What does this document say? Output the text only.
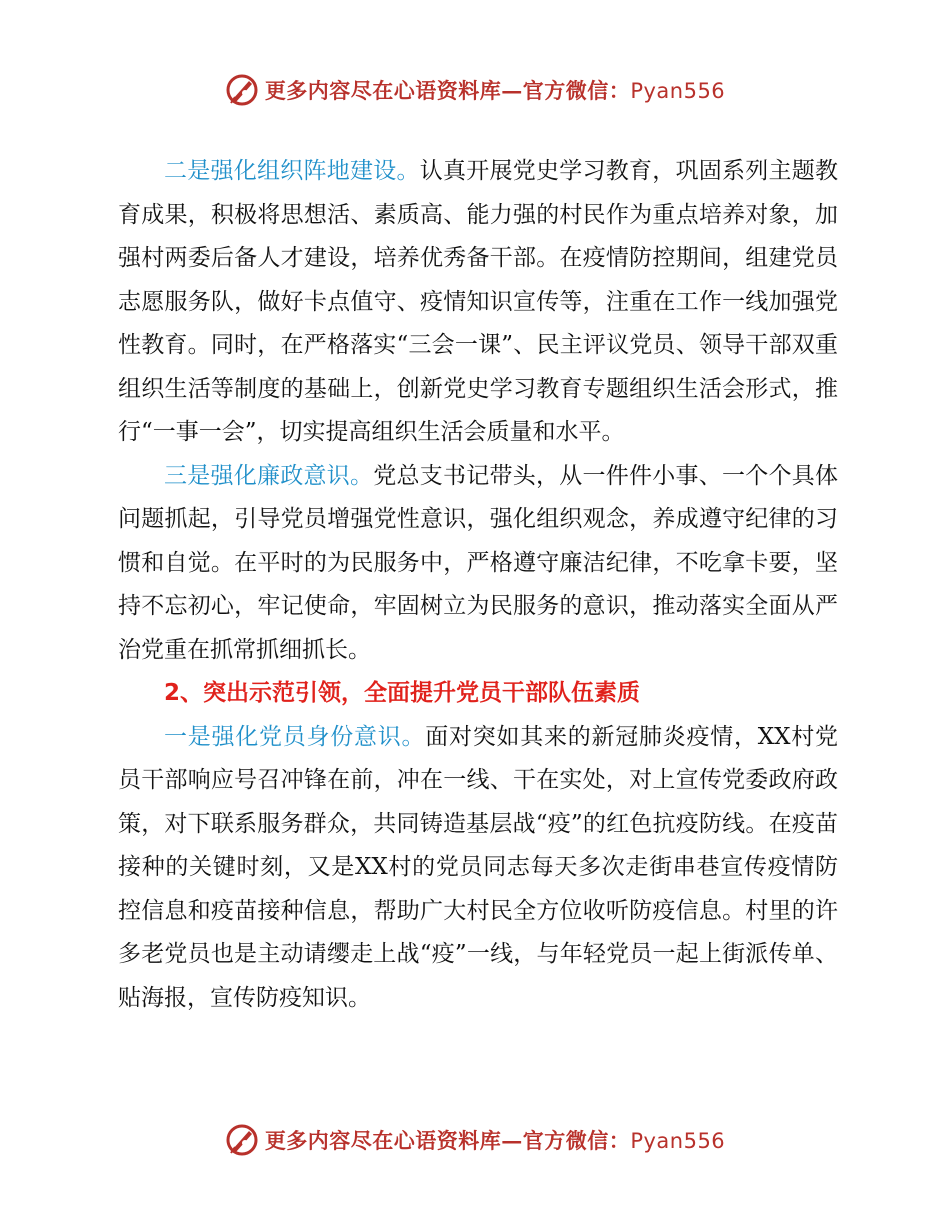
更多内容尽在心语资料库—官方微信：Pyan556

二是强化组织阵地建设。认真开展党史学习教育，巩固系列主题教育成果，积极将思想活、素质高、能力强的村民作为重点培养对象，加强村两委后备人才建设，培养优秀备干部。在疫情防控期间，组建党员志愿服务队，做好卡点值守、疫情知识宣传等，注重在工作一线加强党性教育。同时，在严格落实“三会一课”、民主评议党员、领导干部双重组织生活等制度的基础上，创新党史学习教育专题组织生活会形式，推行“一事一会”，切实提高组织生活会质量和水平。

三是强化廉政意识。党总支书记带头，从一件件小事、一个个具体问题抓起，引导党员增强党性意识，强化组织观念，养成遵守纪律的习惯和自觉。在平时的为民服务中，严格遵守廉洁纪律，不吃拿卡要，坚持不忘初心，牢记使命，牢固树立为民服务的意识，推动落实全面从严治党重在抓常抓细抓长。

2、突出示范引领，全面提升党员干部队伍素质

一是强化党员身份意识。面对突如其来的新冠肺炎疫情，XX村党员干部响应号召冲锋在前，冲在一线、干在实处，对上宣传党委政府政策，对下联系服务群众，共同铸造基层战“疫”的红色抗疫防线。在疫苗接种的关键时刻，又是XX村的党员同志每天多次走街串巷宣传疫情防控信息和疫苗接种信息，帮助广大村民全方位收听防疫信息。村里的许多老党员也是主动请缨走上战“疫”一线，与年轻党员一起上街派传单、贴海报，宣传防疫知识。

更多内容尽在心语资料库—官方微信：Pyan556
